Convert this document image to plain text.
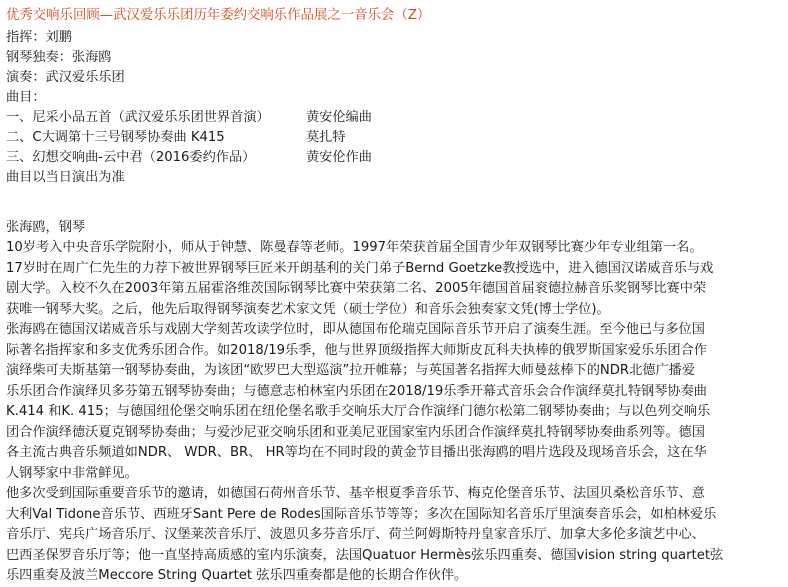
优秀交响乐回顾—武汉爱乐乐团历年委约交响乐作品展之一音乐会（Z）
指挥：刘鹏
钢琴独奏：张海鸥
演奏：武汉爱乐乐团
曲目：
一、尼采小品五首（武汉爱乐乐团世界首演）	黄安伦编曲
二、C大调第十三号钢琴协奏曲 K415	莫扎特
三、幻想交响曲-云中君（2016委约作品）	黄安伦作曲
曲目以当日演出为准
张海鸥，钢琴
10岁考入中央音乐学院附小，师从于钟慧、陈曼春等老师。1997年荣获首届全国青少年双钢琴比赛少年专业组第一名。
17岁时在周广仁先生的力荐下被世界钢琴巨匠米开朗基利的关门弟子Bernd Goetzke教授选中，进入德国汉诺威音乐与戏
剧大学。入校不久在2003年第五届霍洛维茨国际钢琴比赛中荣获第二名、2005年德国首届衮德拉赫音乐奖钢琴比赛中荣
获唯一钢琴大奖。之后，他先后取得钢琴演奏艺术家文凭（硕士学位）和音乐会独奏家文凭(博士学位)。
张海鸥在德国汉诺威音乐与戏剧大学刻苦攻读学位时，即从德国布伦瑞克国际音乐节开启了演奏生涯。至今他已与多位国
际著名指挥家和多支优秀乐团合作。如2018/19乐季，他与世界顶级指挥大师斯皮瓦科夫执棒的俄罗斯国家爱乐乐团合作
演绎柴可夫斯基第一钢琴协奏曲，为该团“欧罗巴大型巡演”拉开帷幕；与英国著名指挥大师曼兹棒下的NDR北德广播爱
乐乐团合作演绎贝多芬第五钢琴协奏曲；与德意志柏林室内乐团在2018/19乐季开幕式音乐会合作演绎莫扎特钢琴协奏曲
K.414 和K. 415；与德国纽伦堡交响乐团在纽伦堡名歌手交响乐大厅合作演绎门德尔松第二钢琴协奏曲；与以色列交响乐
团合作演绎德沃夏克钢琴协奏曲；与爱沙尼亚交响乐团和亚美尼亚国家室内乐团合作演绎莫扎特钢琴协奏曲系列等。德国
各主流古典音乐频道如NDR、 WDR、BR、 HR等均在不同时段的黄金节目播出张海鸥的唱片选段及现场音乐会，这在华
人钢琴家中非常鲜见。
他多次受到国际重要音乐节的邀请，如德国石荷州音乐节、基辛根夏季音乐节、梅克伦堡音乐节、法国贝桑松音乐节、意
大利Val Tidone音乐节、西班牙Sant Pere de Rodes国际音乐节等等；多次在国际知名音乐厅里演奏音乐会，如柏林爱乐
音乐厅、宪兵广场音乐厅、汉堡莱茨音乐厅、波恩贝多芬音乐厅、荷兰阿姆斯特丹皇家音乐厅、加拿大多伦多演艺中心、
巴西圣保罗音乐厅等；他一直坚持高质感的室内乐演奏，法国Quatuor Hermès弦乐四重奏、德国vision string quartet弦
乐四重奏及波兰Meccore String Quartet 弦乐四重奏都是他的长期合作伙伴。
